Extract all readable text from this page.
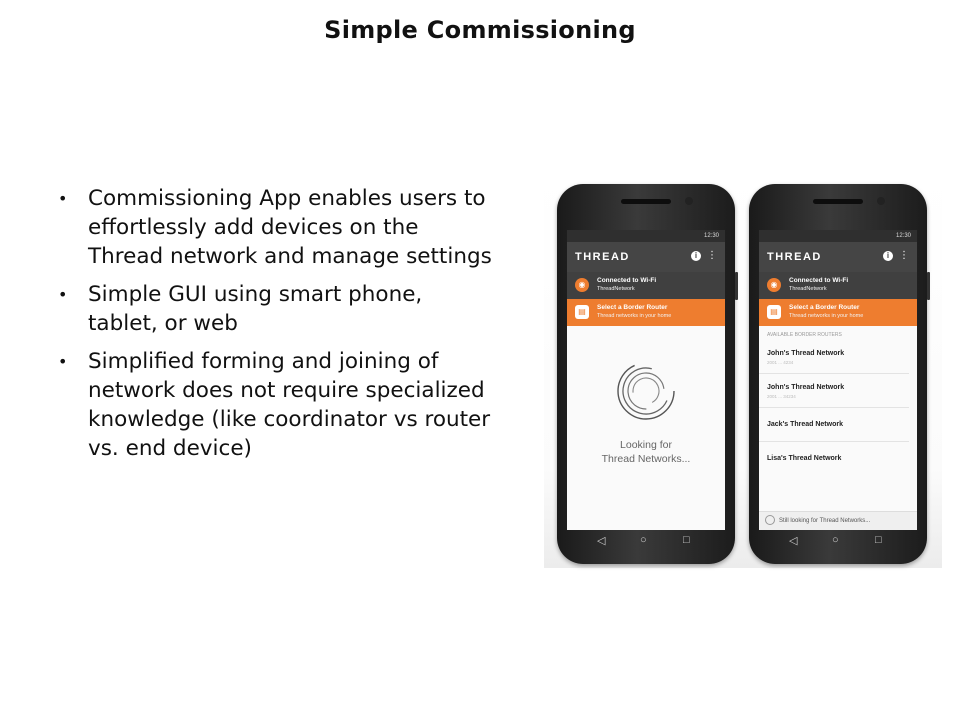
Simple Commissioning
• Commissioning App enables users to effortlessly add devices on the Thread network and manage settings
• Simple GUI using smart phone, tablet, or web
• Simplified forming and joining of network does not require specialized knowledge (like coordinator vs router vs. end device)
12:30
THREAD	i ⋮
◉	Connected to Wi-Fi
ThreadNetwork
▤	Select a Border Router
Thread networks in your home
Looking for
Thread Networks...
◁	○	□
12:30
THREAD	i ⋮
◉	Connected to Wi-Fi
ThreadNetwork
▤	Select a Border Router
Thread networks in your home
AVAILABLE BORDER ROUTERS
John's Thread Network
2001 ... 4234
John's Thread Network
2001 ... 34234
Jack's Thread Network
Lisa's Thread Network
Still looking for Thread Networks...
◁	○	□
